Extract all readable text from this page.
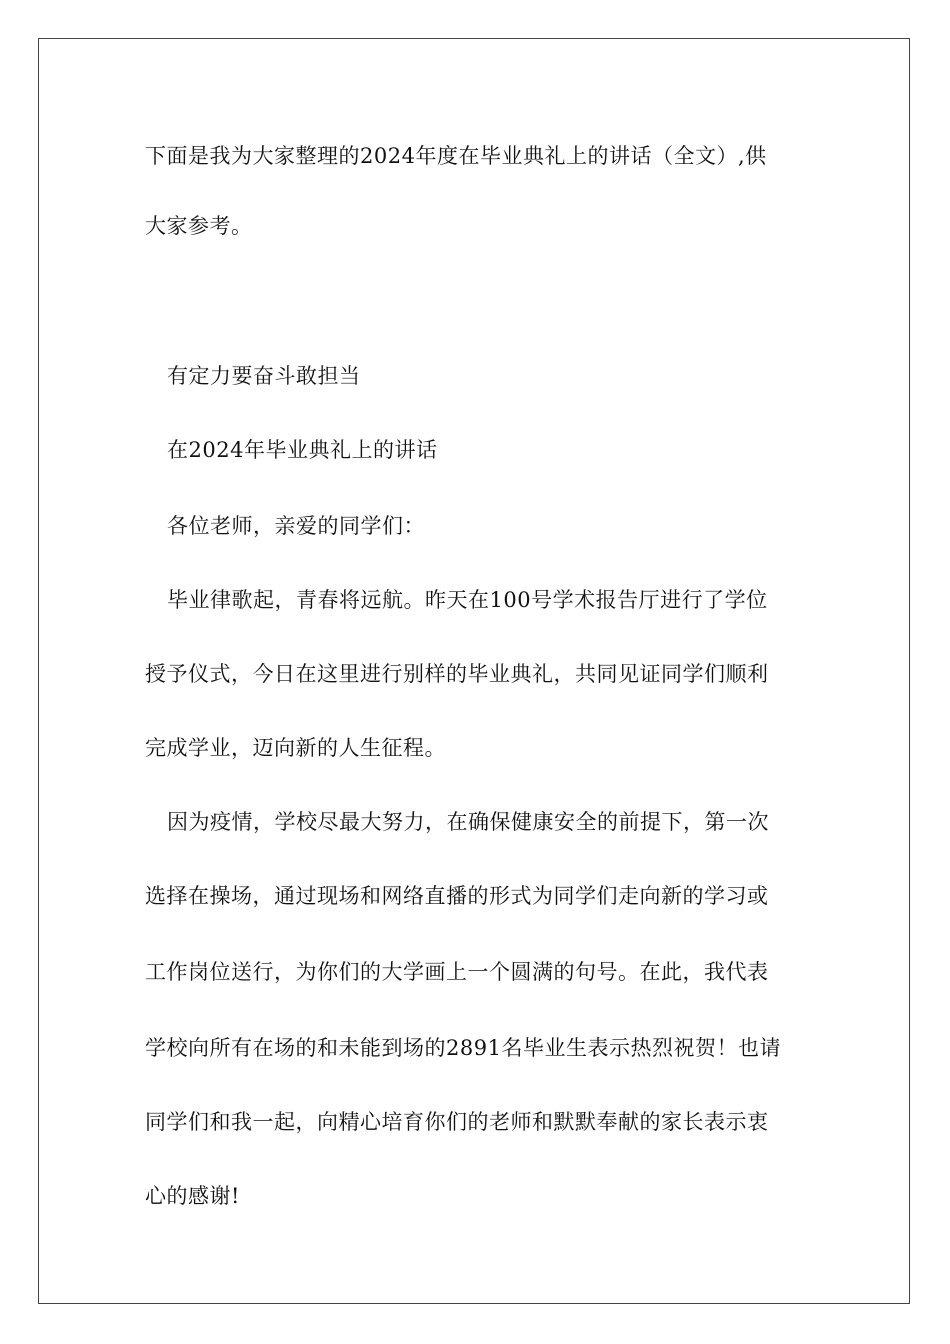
下面是我为大家整理的2024年度在毕业典礼上的讲话（全文）,供
大家参考。
有定力要奋斗敢担当
在2024年毕业典礼上的讲话
各位老师，亲爱的同学们：
毕业律歌起，青春将远航。昨天在100号学术报告厅进行了学位
授予仪式，今日在这里进行别样的毕业典礼，共同见证同学们顺利
完成学业，迈向新的人生征程。
因为疫情，学校尽最大努力，在确保健康安全的前提下，第一次
选择在操场，通过现场和网络直播的形式为同学们走向新的学习或
工作岗位送行，为你们的大学画上一个圆满的句号。在此，我代表
学校向所有在场的和未能到场的2891名毕业生表示热烈祝贺！也请
同学们和我一起，向精心培育你们的老师和默默奉献的家长表示衷
心的感谢!
